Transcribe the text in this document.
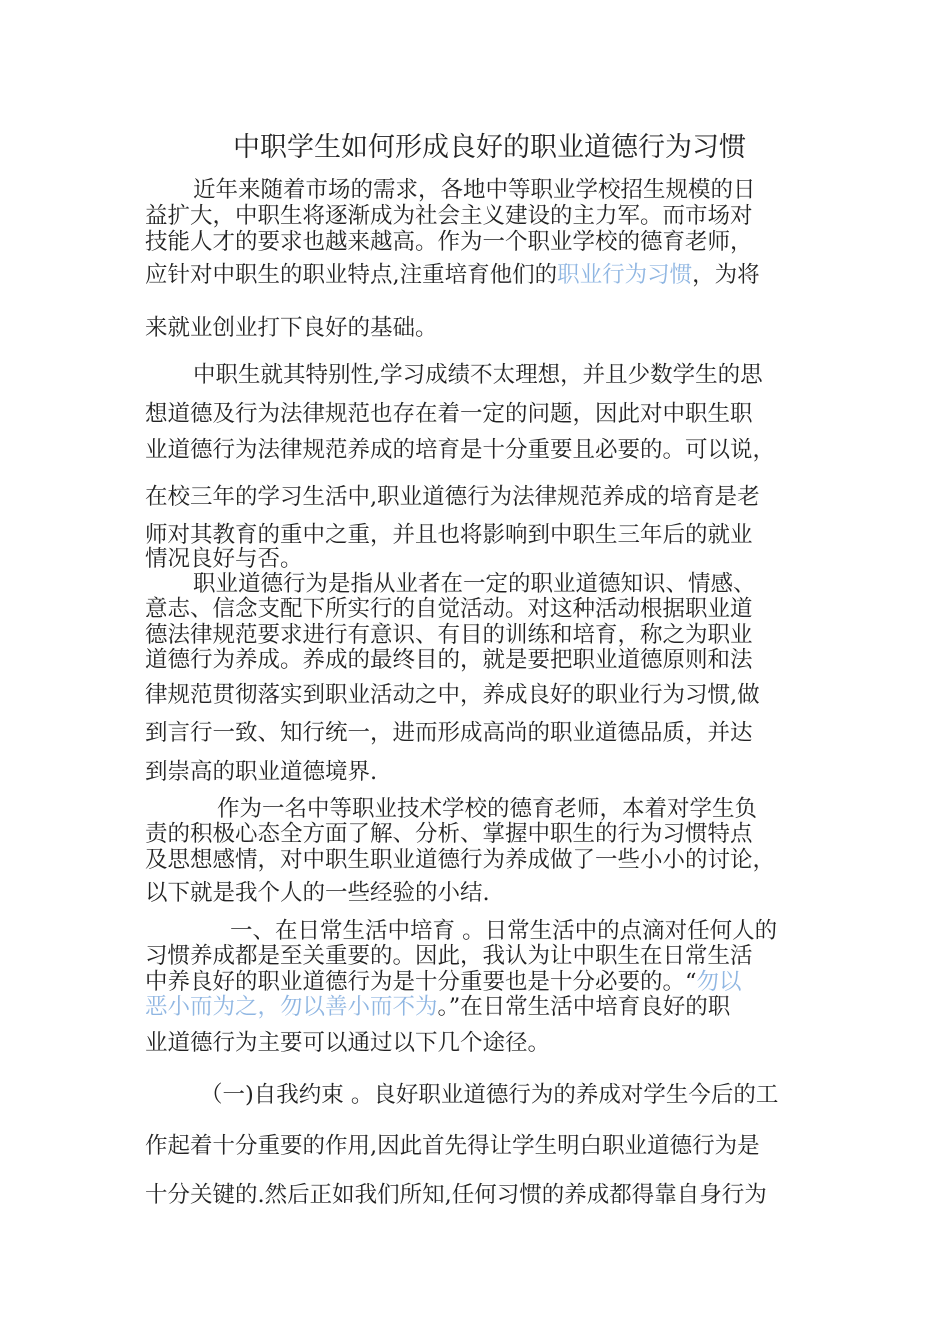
中职学生如何形成良好的职业道德行为习惯
近年来随着市场的需求，各地中等职业学校招生规模的日
益扩大，中职生将逐渐成为社会主义建设的主力军。而市场对
技能人才的要求也越来越高。作为一个职业学校的德育老师，
应针对中职生的职业特点,注重培育他们的职业行为习惯，为将
来就业创业打下良好的基础。
中职生就其特别性,学习成绩不太理想，并且少数学生的思
想道德及行为法律规范也存在着一定的问题，因此对中职生职
业道德行为法律规范养成的培育是十分重要且必要的。可以说，
在校三年的学习生活中,职业道德行为法律规范养成的培育是老
师对其教育的重中之重，并且也将影响到中职生三年后的就业
情况良好与否。
职业道德行为是指从业者在一定的职业道德知识、情感、
意志、信念支配下所实行的自觉活动。对这种活动根据职业道
德法律规范要求进行有意识、有目的训练和培育，称之为职业
道德行为养成。养成的最终目的，就是要把职业道德原则和法
律规范贯彻落实到职业活动之中，养成良好的职业行为习惯,做
到言行一致、知行统一，进而形成高尚的职业道德品质，并达
到崇高的职业道德境界.
作为一名中等职业技术学校的德育老师，本着对学生负
责的积极心态全方面了解、分析、掌握中职生的行为习惯特点
及思想感情，对中职生职业道德行为养成做了一些小小的讨论，
以下就是我个人的一些经验的小结.
一、在日常生活中培育 。日常生活中的点滴对任何人的
习惯养成都是至关重要的。因此，我认为让中职生在日常生活
中养良好的职业道德行为是十分重要也是十分必要的。“勿以
恶小而为之，勿以善小而不为。”在日常生活中培育良好的职
业道德行为主要可以通过以下几个途径。
（一)自我约束 。良好职业道德行为的养成对学生今后的工
作起着十分重要的作用,因此首先得让学生明白职业道德行为是
十分关键的.然后正如我们所知,任何习惯的养成都得靠自身行为
